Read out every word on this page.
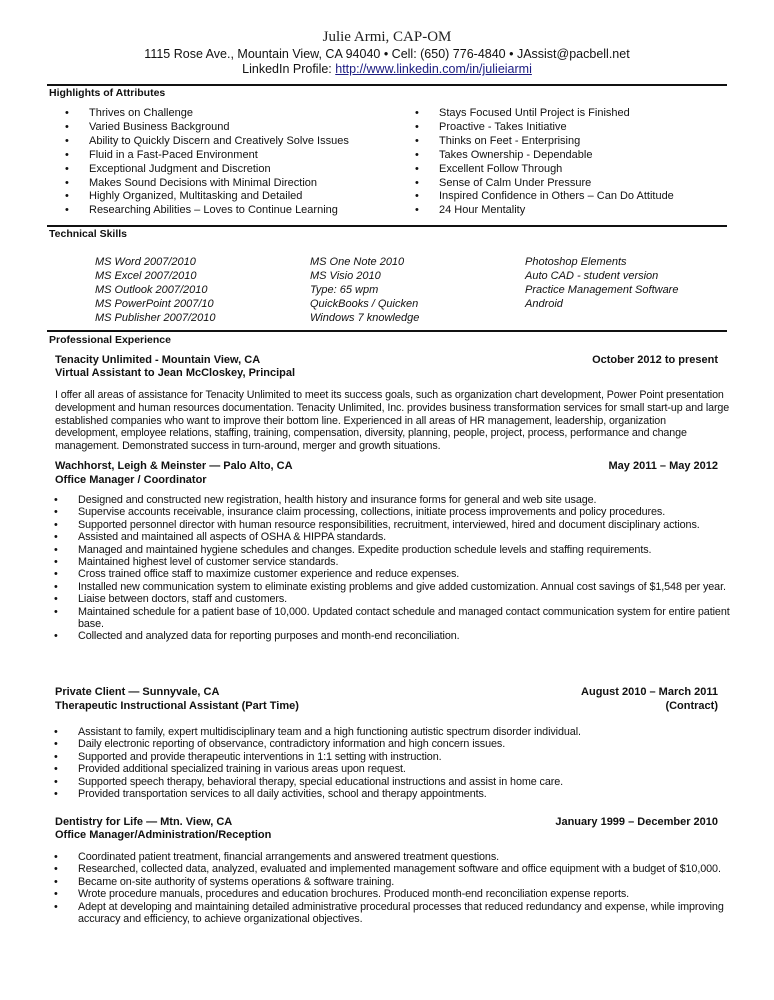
Julie Armi, CAP-OM
1115 Rose Ave., Mountain View, CA 94040 • Cell: (650) 776-4840 • JAssist@pacbell.net
LinkedIn Profile: http://www.linkedin.com/in/julieiarmi
Highlights of Attributes
• Thrives on Challenge
• Varied Business Background
• Ability to Quickly Discern and Creatively Solve Issues
• Fluid in a Fast-Paced Environment
• Exceptional Judgment and Discretion
• Makes Sound Decisions with Minimal Direction
• Highly Organized, Multitasking and Detailed
• Researching Abilities – Loves to Continue Learning
• Stays Focused Until Project is Finished
• Proactive - Takes Initiative
• Thinks on Feet - Enterprising
• Takes Ownership - Dependable
• Excellent Follow Through
• Sense of Calm Under Pressure
• Inspired Confidence in Others – Can Do Attitude
• 24 Hour Mentality
Technical Skills
MS Word 2007/2010
MS Excel 2007/2010
MS Outlook 2007/2010
MS PowerPoint 2007/10
MS Publisher 2007/2010
MS One Note 2010
MS Visio 2010
Type: 65 wpm
QuickBooks / Quicken
Windows 7 knowledge
Photoshop Elements
Auto CAD - student version
Practice Management Software
Android
Professional Experience
Tenacity Unlimited - Mountain View, CA
Virtual Assistant to Jean McCloskey, Principal
October 2012 to present
I offer all areas of assistance for Tenacity Unlimited to meet its success goals, such as organization chart development, Power Point presentation development and human resources documentation. Tenacity Unlimited, Inc. provides business transformation services for small start-up and large established companies who want to improve their bottom line. Experienced in all areas of HR management, leadership, organization development, employee relations, staffing, training, compensation, diversity, planning, people, project, process, performance and change management. Demonstrated success in turn-around, merger and growth situations.
Wachhorst, Leigh & Meinster — Palo Alto, CA
Office Manager / Coordinator
May 2011 – May 2012
• Designed and constructed new registration, health history and insurance forms for general and web site usage.
• Supervise accounts receivable, insurance claim processing, collections, initiate process improvements and policy procedures.
• Supported personnel director with human resource responsibilities, recruitment, interviewed, hired and document disciplinary actions.
• Assisted and maintained all aspects of OSHA & HIPPA standards.
• Managed and maintained hygiene schedules and changes. Expedite production schedule levels and staffing requirements.
• Maintained highest level of customer service standards.
• Cross trained office staff to maximize customer experience and reduce expenses.
• Installed new communication system to eliminate existing problems and give added customization. Annual cost savings of $1,548 per year.
• Liaise between doctors, staff and customers.
• Maintained schedule for a patient base of 10,000. Updated contact schedule and managed contact communication system for entire patient base.
• Collected and analyzed data for reporting purposes and month-end reconciliation.
Private Client — Sunnyvale, CA
Therapeutic Instructional Assistant (Part Time)
August 2010 – March 2011
(Contract)
• Assistant to family, expert multidisciplinary team and a high functioning autistic spectrum disorder individual.
• Daily electronic reporting of observance, contradictory information and high concern issues.
• Supported and provide therapeutic interventions in 1:1 setting with instruction.
• Provided additional specialized training in various areas upon request.
• Supported speech therapy, behavioral therapy, special educational instructions and assist in home care.
• Provided transportation services to all daily activities, school and therapy appointments.
Dentistry for Life — Mtn. View, CA
Office Manager/Administration/Reception
January 1999 – December 2010
• Coordinated patient treatment, financial arrangements and answered treatment questions.
• Researched, collected data, analyzed, evaluated and implemented management software and office equipment with a budget of $10,000.
• Became on-site authority of systems operations & software training.
• Wrote procedure manuals, procedures and education brochures. Produced month-end reconciliation expense reports.
• Adept at developing and maintaining detailed administrative procedural processes that reduced redundancy and expense, while improving accuracy and efficiency, to achieve organizational objectives.
